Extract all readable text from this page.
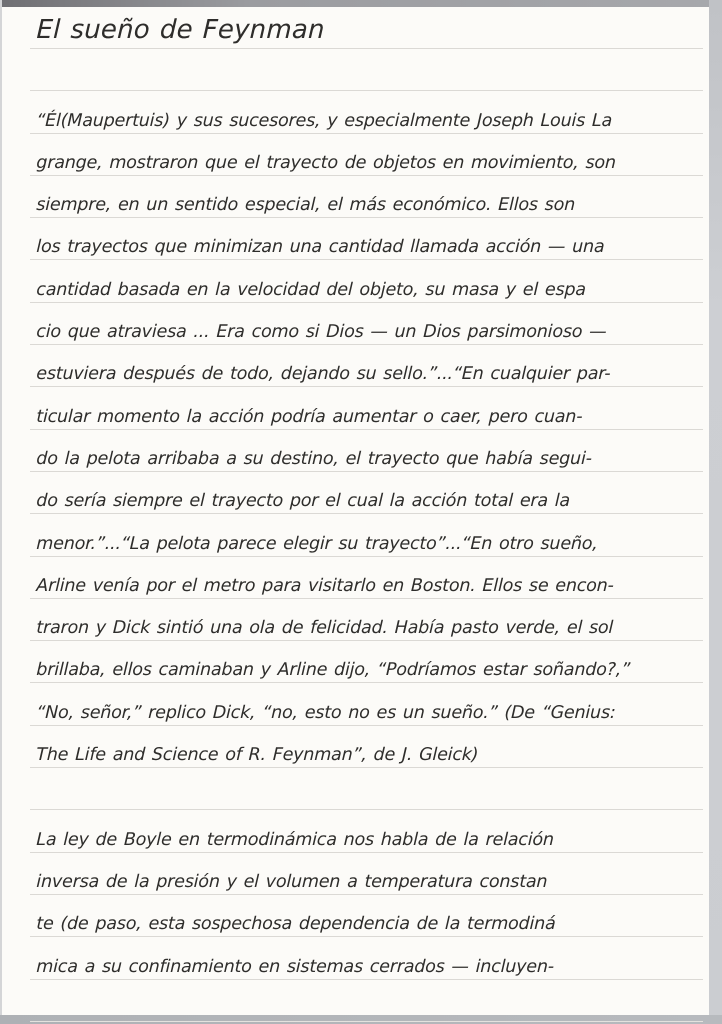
El sueño de Feynman
“Él(Maupertuis) y sus sucesores, y especialmente Joseph Louis La
grange, mostraron que el trayecto de objetos en movimiento, son
siempre, en un sentido especial, el más económico. Ellos son
los trayectos que minimizan una cantidad llamada acción — una
cantidad basada en la velocidad del objeto, su masa y el espa
cio que atraviesa ... Era como si Dios — un Dios parsimonioso —
estuviera después de todo, dejando su sello.”...“En cualquier par-
ticular momento la acción podría aumentar o caer, pero cuan-
do la pelota arribaba a su destino, el trayecto que había segui-
do sería siempre el trayecto por el cual la acción total era la
menor.”...“La pelota parece elegir su trayecto”...“En otro sueño,
Arline venía por el metro para visitarlo en Boston. Ellos se encon-
traron y Dick sintió una ola de felicidad. Había pasto verde, el sol
brillaba, ellos caminaban y Arline dijo, “Podríamos estar soñando?,”
“No, señor,” replico Dick, “no, esto no es un sueño.” (De “Genius:
The Life and Science of R. Feynman”, de J. Gleick)
La ley de Boyle en termodinámica nos habla de la relación
inversa de la presión y el volumen a temperatura constan
te (de paso, esta sospechosa dependencia de la termodiná
mica a su confinamiento en sistemas cerrados — incluyen-
